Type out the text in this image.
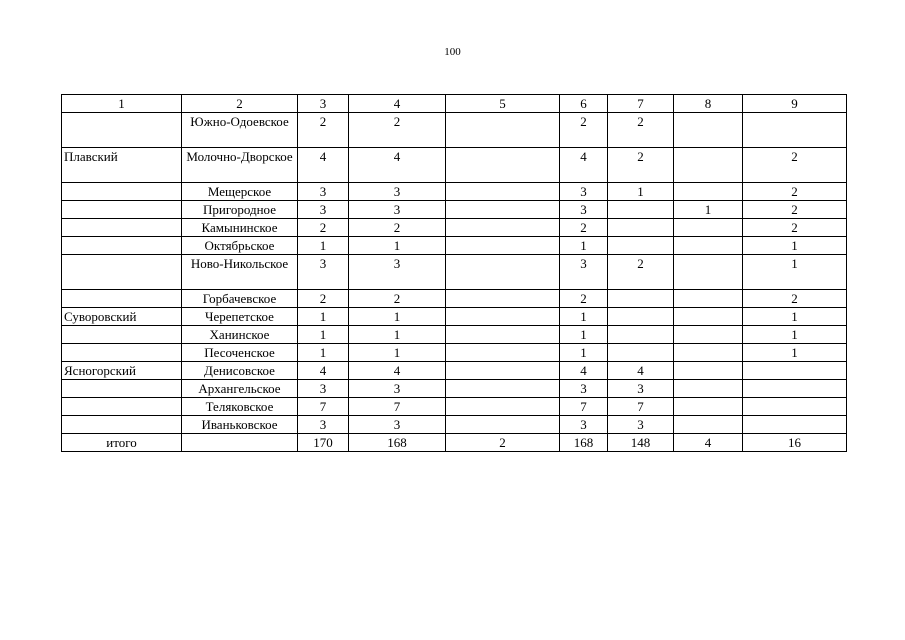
100
1	2	3	4	5	6	7	8	9
	Южно-Одоевское	2	2		2	2		
Плавский	Молочно-Дворское	4	4		4	2		2
	Мещерское	3	3		3	1		2
	Пригородное	3	3		3		1	2
	Камынинское	2	2		2			2
	Октябрьское	1	1		1			1
	Ново-Никольское	3	3		3	2		1
	Горбачевское	2	2		2			2
Суворовский	Черепетское	1	1		1			1
	Ханинское	1	1		1			1
	Песоченское	1	1		1			1
Ясногорский	Денисовское	4	4		4	4		
	Архангельское	3	3		3	3		
	Теляковское	7	7		7	7		
	Иваньковское	3	3		3	3		
итого		170	168	2	168	148	4	16
